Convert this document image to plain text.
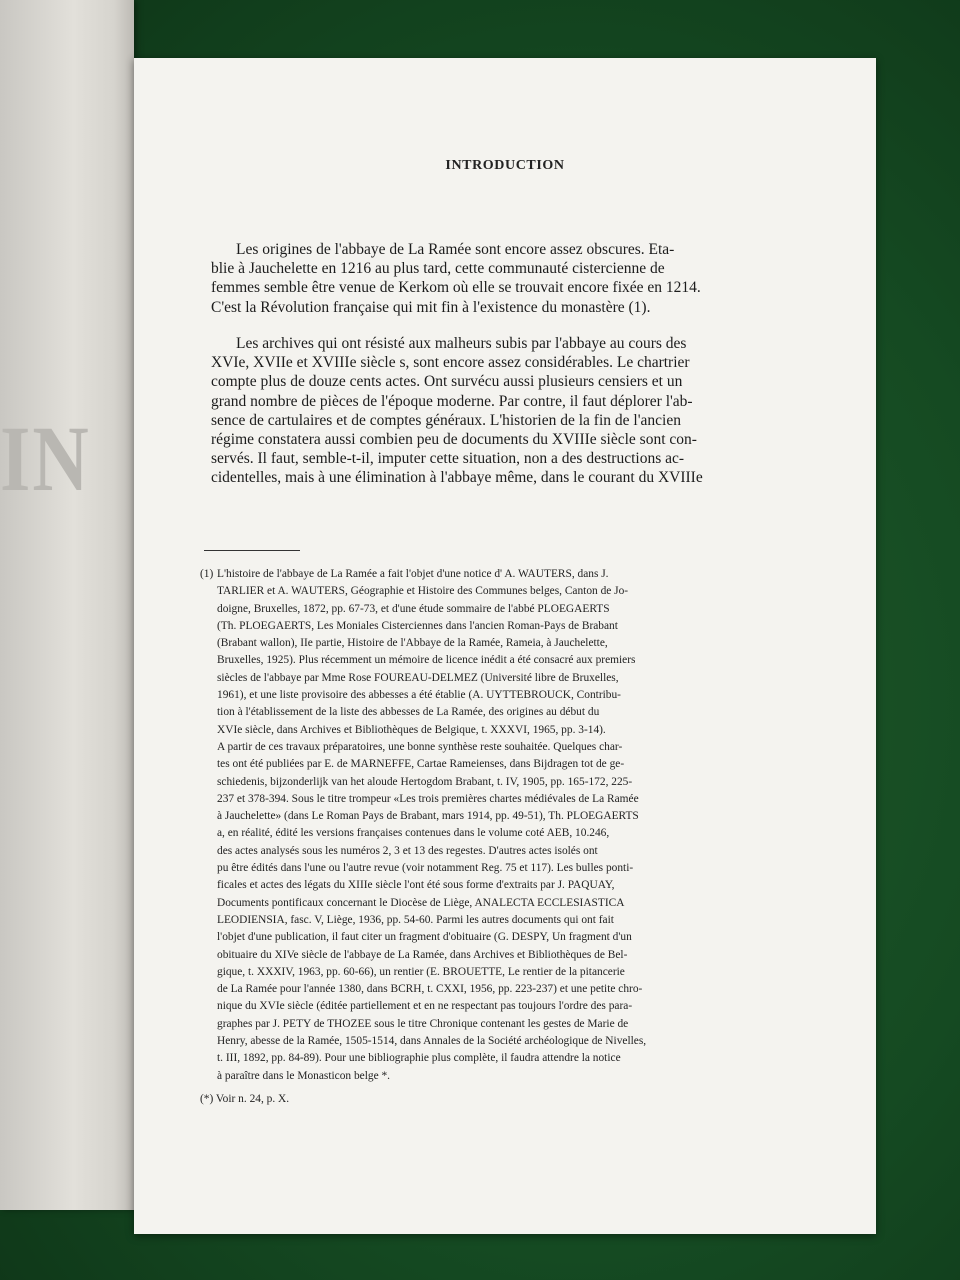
IN
INTRODUCTION

Les origines de l'abbaye de La Ramée sont encore assez obscures. Eta-

blie à Jauchelette en 1216 au plus tard, cette communauté cistercienne de

femmes semble être venue de Kerkom où elle se trouvait encore fixée en 1214.

C'est la Révolution française qui mit fin à l'existence du monastère (1).

Les archives qui ont résisté aux malheurs subis par l'abbaye au cours des

XVIe, XVIIe et XVIIIe siècle s, sont encore assez considérables. Le chartrier

compte plus de douze cents actes. Ont survécu aussi plusieurs censiers et un

grand nombre de pièces de l'époque moderne. Par contre, il faut déplorer l'ab-

sence de cartulaires et de comptes généraux. L'historien de la fin de l'ancien

régime constatera aussi combien peu de documents du XVIIIe siècle sont con-

servés. Il faut, semble-t-il, imputer cette situation, non a des destructions ac-

cidentelles, mais à une élimination à l'abbaye même, dans le courant du XVIIIe

(1) L'histoire de l'abbaye de La Ramée a fait l'objet d'une notice d' A. WAUTERS, dans J.
TARLIER et A. WAUTERS, Géographie et Histoire des Communes belges, Canton de Jo-
doigne, Bruxelles, 1872, pp. 67-73, et d'une étude sommaire de l'abbé PLOEGAERTS
(Th. PLOEGAERTS, Les Moniales Cisterciennes dans l'ancien Roman-Pays de Brabant
(Brabant wallon), IIe partie, Histoire de l'Abbaye de la Ramée, Rameia, à Jauchelette,
Bruxelles, 1925). Plus récemment un mémoire de licence inédit a été consacré aux premiers
siècles de l'abbaye par Mme Rose FOUREAU-DELMEZ (Université libre de Bruxelles,
1961), et une liste provisoire des abbesses a été établie (A. UYTTEBROUCK, Contribu-
tion à l'établissement de la liste des abbesses de La Ramée, des origines au début du
XVIe siècle, dans Archives et Bibliothèques de Belgique, t. XXXVI, 1965, pp. 3-14).
A partir de ces travaux préparatoires, une bonne synthèse reste souhaitée. Quelques char-
tes ont été publiées par E. de MARNEFFE, Cartae Rameienses, dans Bijdragen tot de ge-
schiedenis, bijzonderlijk van het aloude Hertogdom Brabant, t. IV, 1905, pp. 165-172, 225-
237 et 378-394. Sous le titre trompeur «Les trois premières chartes médiévales de La Ramée
à Jauchelette» (dans Le Roman Pays de Brabant, mars 1914, pp. 49-51), Th. PLOEGAERTS
a, en réalité, édité les versions françaises contenues dans le volume coté AEB, 10.246,
des actes analysés sous les numéros 2, 3 et 13 des regestes. D'autres actes isolés ont
pu être édités dans l'une ou l'autre revue (voir notamment Reg. 75 et 117). Les bulles ponti-
ficales et actes des légats du XIIIe siècle l'ont été sous forme d'extraits par J. PAQUAY,
Documents pontificaux concernant le Diocèse de Liège, ANALECTA ECCLESIASTICA
LEODIENSIA, fasc. V, Liège, 1936, pp. 54-60. Parmi les autres documents qui ont fait
l'objet d'une publication, il faut citer un fragment d'obituaire (G. DESPY, Un fragment d'un
obituaire du XIVe siècle de l'abbaye de La Ramée, dans Archives et Bibliothèques de Bel-
gique, t. XXXIV, 1963, pp. 60-66), un rentier (E. BROUETTE, Le rentier de la pitancerie
de La Ramée pour l'année 1380, dans BCRH, t. CXXI, 1956, pp. 223-237) et une petite chro-
nique du XVIe siècle (éditée partiellement et en ne respectant pas toujours l'ordre des para-
graphes par J. PETY de THOZEE sous le titre Chronique contenant les gestes de Marie de
Henry, abesse de la Ramée, 1505-1514, dans Annales de la Société archéologique de Nivelles,
t. III, 1892, pp. 84-89). Pour une bibliographie plus complète, il faudra attendre la notice
à paraître dans le Monasticon belge *.
(*) Voir n. 24, p. X.
